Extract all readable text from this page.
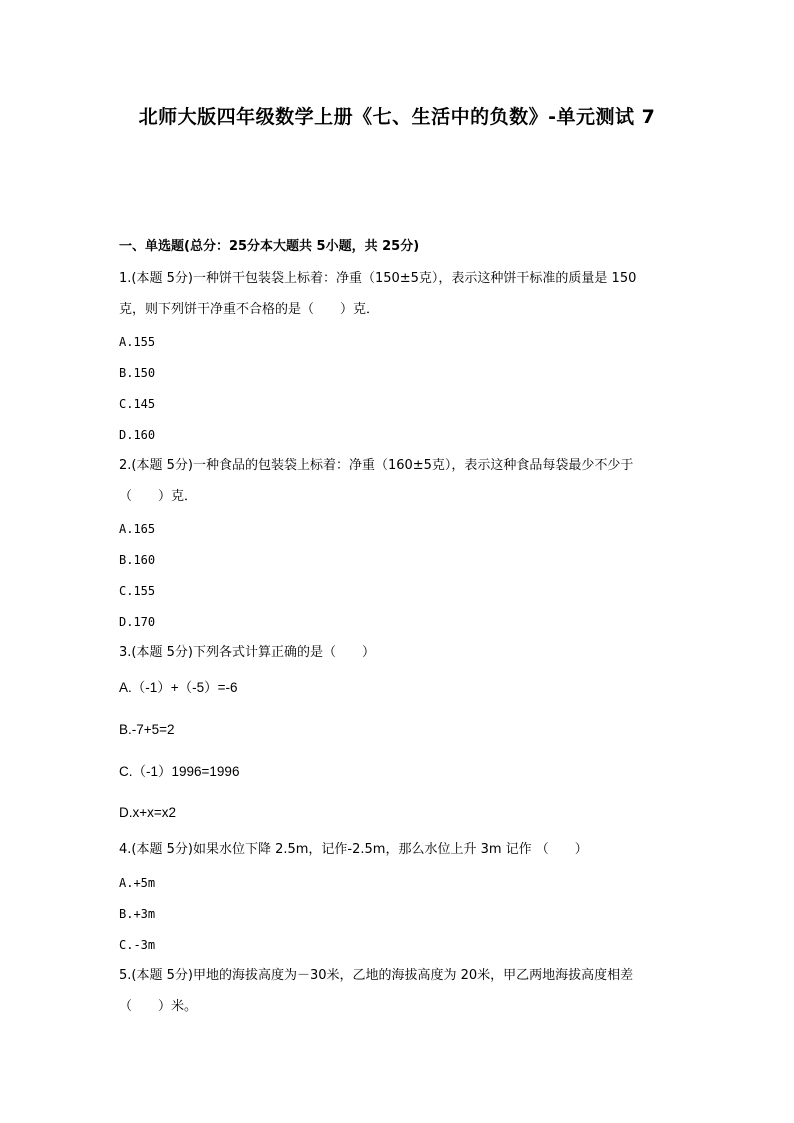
北师大版四年级数学上册《七、生活中的负数》-单元测试 7
一、单选题(总分：25分本大题共 5小题，共 25分)
1.(本题 5分)一种饼干包装袋上标着：净重（150±5克），表示这种饼干标准的质量是 150
克，则下列饼干净重不合格的是（　　）克．
A.155
B.150
C.145
D.160
2.(本题 5分)一种食品的包装袋上标着：净重（160±5克），表示这种食品每袋最少不少于
（　　）克．
A.165
B.160
C.155
D.170
3.(本题 5分)下列各式计算正确的是（　　）
A.（-1）+（-5）=-6
B.-7+5=2
C.（-1）1996=1996
D.x+x=x2
4.(本题 5分)如果水位下降 2.5m，记作-2.5m，那么水位上升 3m 记作 （　　）
A.+5m
B.+3m
C.-3m
5.(本题 5分)甲地的海拔高度为－30米，乙地的海拔高度为 20米，甲乙两地海拔高度相差
（　　）米。
